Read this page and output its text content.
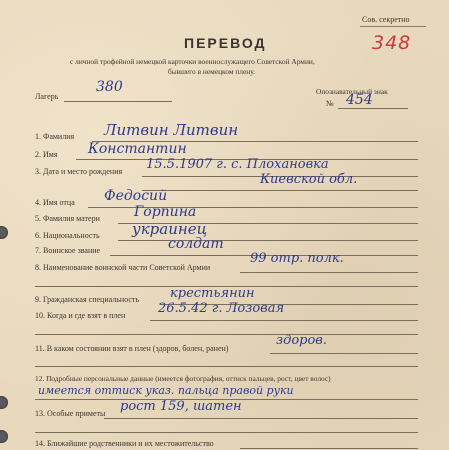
Сов. секретно
348
ПЕРЕВОД
с личной трофейной немецкой карточки военнослужащего Советской Армии,
бывшего в немецком плену.
Лагерь
380	Опознавательный знак
№ 454
1. Фамилия Литвин Литвин
2. Имя Константин
3. Дата и место рождения 15.5.1907 г. с. Плохановка
Киевской обл.
4. Имя отца Федосий
5. Фамилия матери Горпина
6. Национальность украинец
7. Воинское звание	солдат
8. Наименование воинской части Советской Армии
99 отр. полк.
9. Гражданская специальность крестьянин
10. Когда и где взят в плен	26.5.42 г. Лозовая
11. В каком состоянии взят в плен (здоров, болен, ранен)
здоров.
12. Подробные персональные данные (имеется фотография, оттиск пальцев, рост, цвет волос)
имеется оттиск указ. пальца правой руки
13. Особые приметы рост 159, шатен
14. Ближайшие родственники и их местожительство
